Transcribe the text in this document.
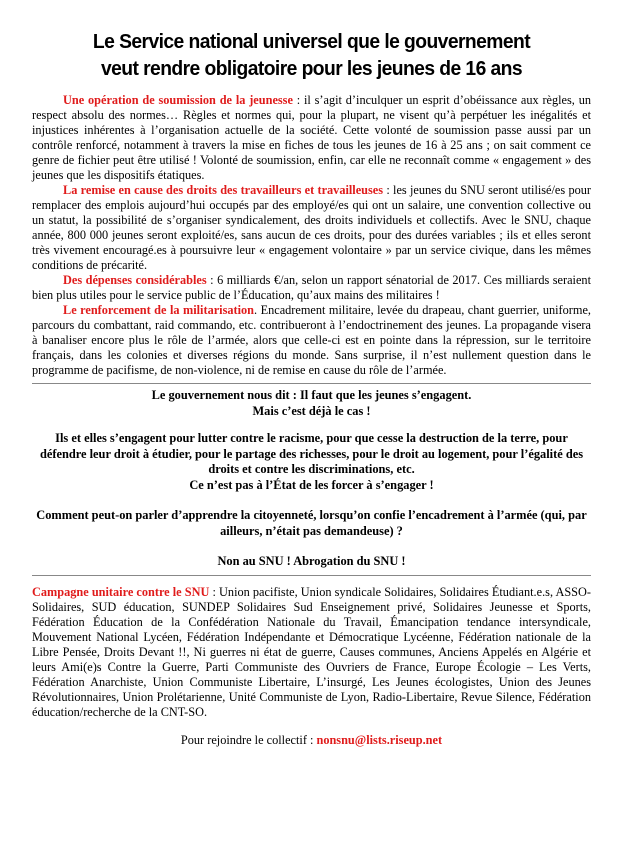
Le Service national universel que le gouvernement
veut rendre obligatoire pour les jeunes de 16 ans

Une opération de soumission de la jeunesse : il s’agit d’inculquer un esprit d’obéissance aux règles, un respect absolu des normes… Règles et normes qui, pour la plupart, ne visent qu’à perpétuer les inégalités et injustices inhérentes à l’organisation actuelle de la société. Cette volonté de soumission passe aussi par un contrôle renforcé, notamment à travers la mise en fiches de tous les jeunes de 16 à 25 ans ; on sait comment ce genre de fichier peut être utilisé ! Volonté de soumission, enfin, car elle ne reconnaît comme « engagement » des jeunes que les dispositifs étatiques.

La remise en cause des droits des travailleurs et travailleuses : les jeunes du SNU seront utilisé/es pour remplacer des emplois aujourd’hui occupés par des employé/es qui ont un salaire, une convention collective ou un statut, la possibilité de s’organiser syndicalement, des droits individuels et collectifs. Avec le SNU, chaque année, 800 000 jeunes seront exploité/es, sans aucun de ces droits, pour des durées variables ; ils et elles seront très vivement encouragé.es à poursuivre leur « engagement volontaire » par un service civique, dans les mêmes conditions de précarité.

Des dépenses considérables : 6 milliards €/an, selon un rapport sénatorial de 2017. Ces milliards seraient bien plus utiles pour le service public de l’Éducation, qu’aux mains des militaires !

Le renforcement de la militarisation. Encadrement militaire, levée du drapeau, chant guerrier, uniforme, parcours du combattant, raid commando, etc. contribueront à l’endoctrinement des jeunes. La propagande visera à banaliser encore plus le rôle de l’armée, alors que celle-ci est en pointe dans la répression, sur le territoire français, dans les colonies et diverses régions du monde. Sans surprise, il n’est nullement question dans le programme de pacifisme, de non-violence, ni de remise en cause du rôle de l’armée.

Le gouvernement nous dit : Il faut que les jeunes s’engagent.
Mais c’est déjà le cas !

Ils et elles s’engagent pour lutter contre le racisme, pour que cesse la destruction de la terre, pour défendre leur droit à étudier, pour le partage des richesses, pour le droit au logement, pour l’égalité des droits et contre les discriminations, etc.
Ce n’est pas à l’État de les forcer à s’engager !

Comment peut-on parler d’apprendre la citoyenneté, lorsqu’on confie l’encadrement à l’armée (qui, par ailleurs, n’était pas demandeuse) ?

Non au SNU ! Abrogation du SNU !

Campagne unitaire contre le SNU : Union pacifiste, Union syndicale Solidaires, Solidaires Étudiant.e.s, ASSO-Solidaires, SUD éducation, SUNDEP Solidaires Sud Enseignement privé, Solidaires Jeunesse et Sports, Fédération Éducation de la Confédération Nationale du Travail, Émancipation tendance intersyndicale, Mouvement National Lycéen, Fédération Indépendante et Démocratique Lycéenne, Fédération nationale de la Libre Pensée, Droits Devant !!, Ni guerres ni état de guerre, Causes communes, Anciens Appelés en Algérie et leurs Ami(e)s Contre la Guerre, Parti Communiste des Ouvriers de France, Europe Écologie – Les Verts, Fédération Anarchiste, Union Communiste Libertaire, L’insurgé, Les Jeunes écologistes, Union des Jeunes Révolutionnaires, Union Prolétarienne, Unité Communiste de Lyon, Radio-Libertaire, Revue Silence, Fédération éducation/recherche de la CNT-SO.

Pour rejoindre le collectif : nonsnu@lists.riseup.net
